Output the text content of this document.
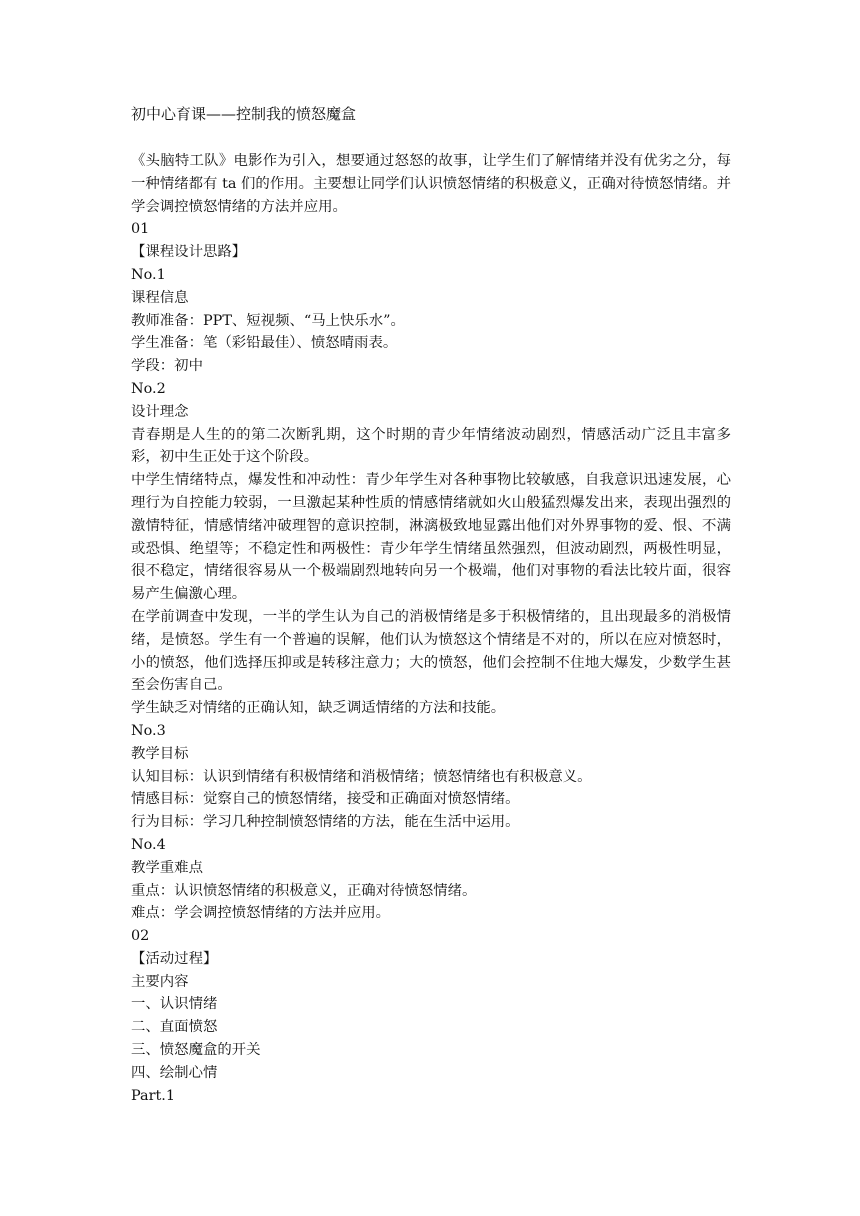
初中心育课——控制我的愤怒魔盒

《头脑特工队》电影作为引入，想要通过怒怒的故事，让学生们了解情绪并没有优劣之分，每一种情绪都有 ta 们的作用。主要想让同学们认识愤怒情绪的积极意义，正确对待愤怒情绪。并学会调控愤怒情绪的方法并应用。

01

【课程设计思路】

No.1

课程信息

教师准备：PPT、短视频、“马上快乐水”。

学生准备：笔（彩铅最佳）、愤怒晴雨表。

学段：初中

No.2

设计理念

青春期是人生的的第二次断乳期，这个时期的青少年情绪波动剧烈，情感活动广泛且丰富多彩，初中生正处于这个阶段。

中学生情绪特点，爆发性和冲动性：青少年学生对各种事物比较敏感，自我意识迅速发展，心理行为自控能力较弱，一旦激起某种性质的情感情绪就如火山般猛烈爆发出来，表现出强烈的激情特征，情感情绪冲破理智的意识控制，淋漓极致地显露出他们对外界事物的爱、恨、不满或恐惧、绝望等；不稳定性和两极性：青少年学生情绪虽然强烈，但波动剧烈，两极性明显，很不稳定，情绪很容易从一个极端剧烈地转向另一个极端，他们对事物的看法比较片面，很容易产生偏激心理。

在学前调查中发现，一半的学生认为自己的消极情绪是多于积极情绪的，且出现最多的消极情绪，是愤怒。学生有一个普遍的误解，他们认为愤怒这个情绪是不对的，所以在应对愤怒时，小的愤怒，他们选择压抑或是转移注意力；大的愤怒，他们会控制不住地大爆发，少数学生甚至会伤害自己。

学生缺乏对情绪的正确认知，缺乏调适情绪的方法和技能。

No.3

教学目标

认知目标：认识到情绪有积极情绪和消极情绪；愤怒情绪也有积极意义。

情感目标：觉察自己的愤怒情绪，接受和正确面对愤怒情绪。

行为目标：学习几种控制愤怒情绪的方法，能在生活中运用。

No.4

教学重难点

重点：认识愤怒情绪的积极意义，正确对待愤怒情绪。

难点：学会调控愤怒情绪的方法并应用。

02

【活动过程】

主要内容

一、认识情绪

二、直面愤怒

三、愤怒魔盒的开关

四、绘制心情

Part.1
